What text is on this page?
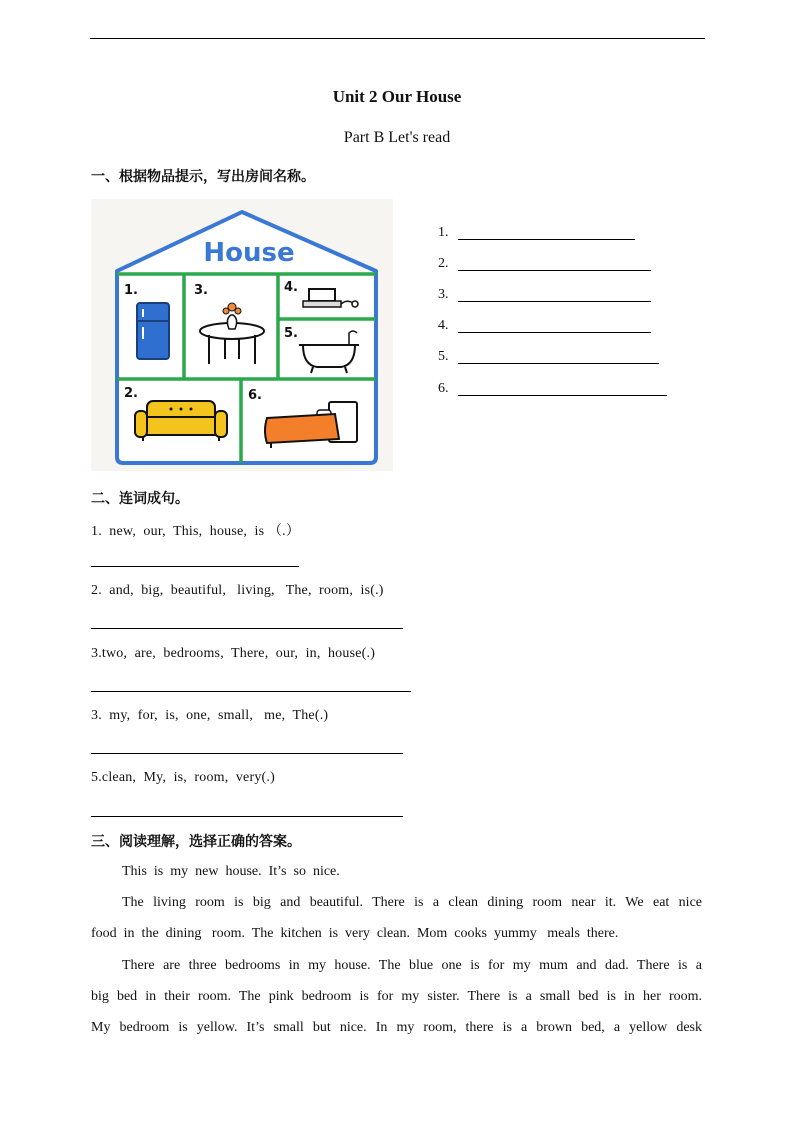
Unit 2 Our House
Part B Let's read
一、根据物品提示，写出房间名称。
House
1.
2.
3.	4.
5.
6.
1.
2.
3.
4.
5.
6.
二、连词成句。
1.  new,  our,  This,  house,  is （.）
2.  and,  big,  beautiful,   living,   The,  room,  is(.)
3.two,  are,  bedrooms,  There,  our,  in,  house(.)
3.  my,  for,  is,  one,  small,   me,  The(.)
5.clean,  My,  is,  room,  very(.)
三、阅读理解，选择正确的答案。
This  is  my  new  house.  It’s  so  nice.
The living room is big and beautiful. There is a clean dining room near it. We eat nice
food  in  the  dining   room.  The  kitchen  is  very  clean.  Mom  cooks  yummy   meals  there.
There are three bedrooms in my house. The blue one is for my mum and dad. There is a
big bed in their room. The pink bedroom is for my sister. There is a small bed is in her room.
My bedroom is yellow. It’s small but nice. In my room, there is a brown bed, a yellow desk
